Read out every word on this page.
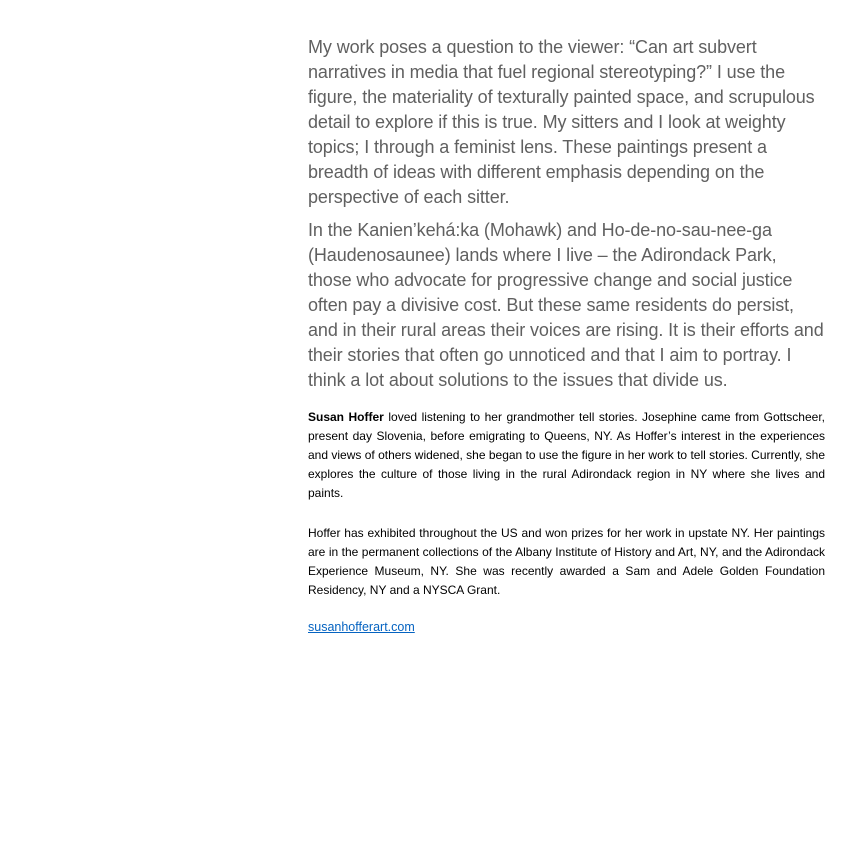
My work poses a question to the viewer: “Can art subvert narratives in media that fuel regional stereotyping?” I use the figure, the materiality of texturally painted space, and scrupulous detail to explore if this is true. My sitters and I look at weighty topics; I through a feminist lens. These paintings present a breadth of ideas with different emphasis depending on the perspective of each sitter.

In the Kanien’kehá:ka (Mohawk) and Ho-de-no-sau-nee-ga (Haudenosaunee) lands where I live – the Adirondack Park, those who advocate for progressive change and social justice often pay a divisive cost. But these same residents do persist, and in their rural areas their voices are rising. It is their efforts and their stories that often go unnoticed and that I aim to portray. I think a lot about solutions to the issues that divide us.

Susan Hoffer loved listening to her grandmother tell stories. Josephine came from Gottscheer, present day Slovenia, before emigrating to Queens, NY. As Hoffer’s interest in the experiences and views of others widened, she began to use the figure in her work to tell stories. Currently, she explores the culture of those living in the rural Adirondack region in NY where she lives and paints.

Hoffer has exhibited throughout the US and won prizes for her work in upstate NY. Her paintings are in the permanent collections of the Albany Institute of History and Art, NY, and the Adirondack Experience Museum, NY. She was recently awarded a Sam and Adele Golden Foundation Residency, NY and a NYSCA Grant.

susanhofferart.com
